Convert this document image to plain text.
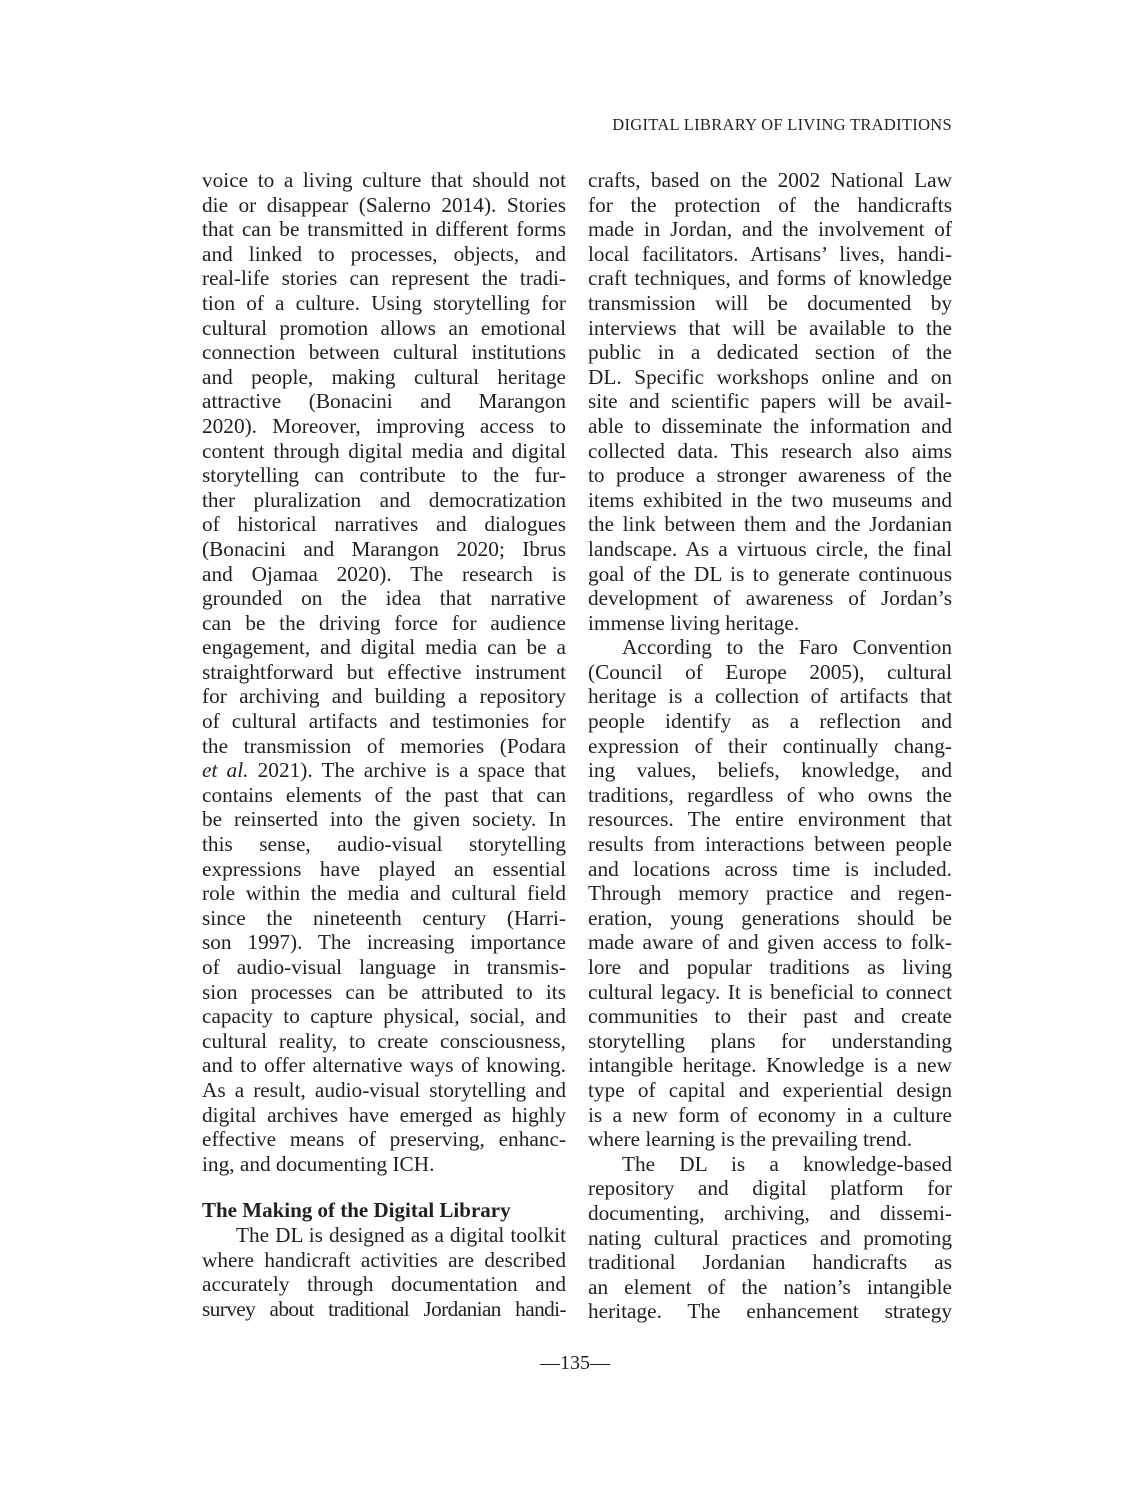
DIGITAL LIBRARY OF LIVING TRADITIONS
voice to a living culture that should not
die or disappear (Salerno 2014). Stories
that can be transmitted in different forms
and linked to processes, objects, and
real-life stories can represent the tradi-
tion of a culture. Using storytelling for
cultural promotion allows an emotional
connection between cultural institutions
and people, making cultural heritage
attractive (Bonacini and Marangon
2020). Moreover, improving access to
content through digital media and digital
storytelling can contribute to the fur-
ther pluralization and democratization
of historical narratives and dialogues
(Bonacini and Marangon 2020; Ibrus
and Ojamaa 2020). The research is
grounded on the idea that narrative
can be the driving force for audience
engagement, and digital media can be a
straightforward but effective instrument
for archiving and building a repository
of cultural artifacts and testimonies for
the transmission of memories (Podara
et al. 2021). The archive is a space that
contains elements of the past that can
be reinserted into the given society. In
this sense, audio-visual storytelling
expressions have played an essential
role within the media and cultural field
since the nineteenth century (Harri-
son 1997). The increasing importance
of audio-visual language in transmis-
sion processes can be attributed to its
capacity to capture physical, social, and
cultural reality, to create consciousness,
and to offer alternative ways of knowing.
As a result, audio-visual storytelling and
digital archives have emerged as highly
effective means of preserving, enhanc-
ing, and documenting ICH.
The Making of the Digital Library
The DL is designed as a digital toolkit
where handicraft activities are described
accurately through documentation and
survey about traditional Jordanian handi-
crafts, based on the 2002 National Law
for the protection of the handicrafts
made in Jordan, and the involvement of
local facilitators. Artisans’ lives, handi-
craft techniques, and forms of knowledge
transmission will be documented by
interviews that will be available to the
public in a dedicated section of the
DL. Specific workshops online and on
site and scientific papers will be avail-
able to disseminate the information and
collected data. This research also aims
to produce a stronger awareness of the
items exhibited in the two museums and
the link between them and the Jordanian
landscape. As a virtuous circle, the final
goal of the DL is to generate continuous
development of awareness of Jordan’s
immense living heritage.
According to the Faro Convention
(Council of Europe 2005), cultural
heritage is a collection of artifacts that
people identify as a reflection and
expression of their continually chang-
ing values, beliefs, knowledge, and
traditions, regardless of who owns the
resources. The entire environment that
results from interactions between people
and locations across time is included.
Through memory practice and regen-
eration, young generations should be
made aware of and given access to folk-
lore and popular traditions as living
cultural legacy. It is beneficial to connect
communities to their past and create
storytelling plans for understanding
intangible heritage. Knowledge is a new
type of capital and experiential design
is a new form of economy in a culture
where learning is the prevailing trend.
The DL is a knowledge-based
repository and digital platform for
documenting, archiving, and dissemi-
nating cultural practices and promoting
traditional Jordanian handicrafts as
an element of the nation’s intangible
heritage. The enhancement strategy
—135—
